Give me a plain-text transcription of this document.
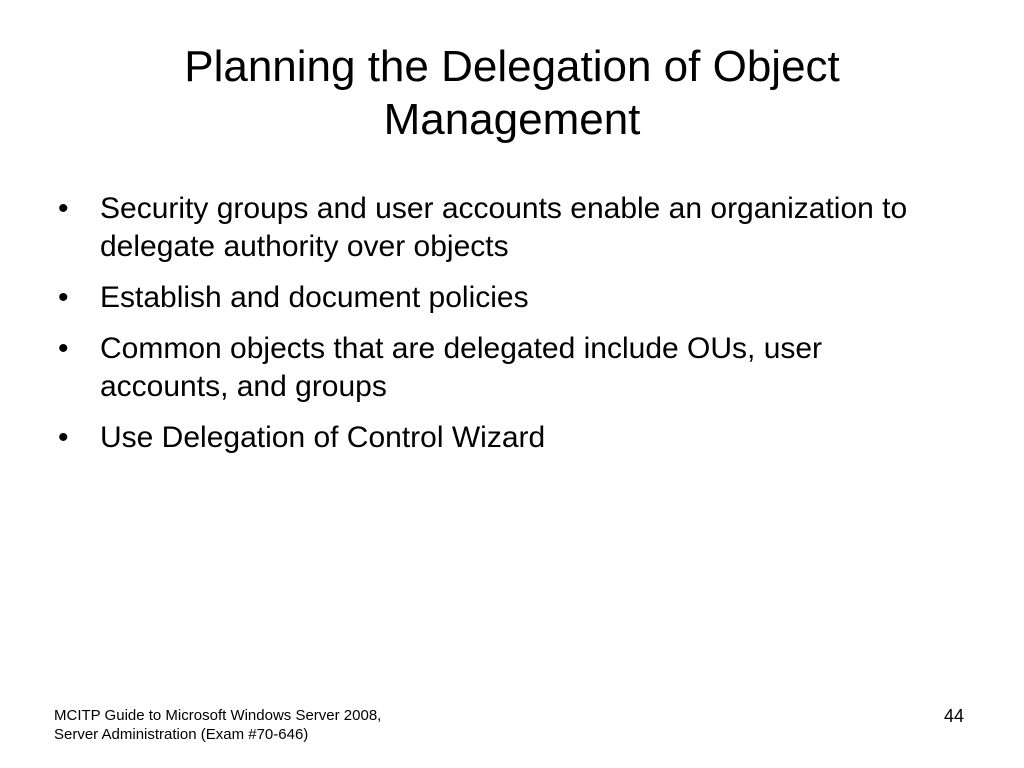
Planning the Delegation of Object
Management
•	Security groups and user accounts enable an organization to delegate authority over objects
•	Establish and document policies
•	Common objects that are delegated include OUs, user accounts, and groups
•	Use Delegation of Control Wizard
MCITP Guide to Microsoft Windows Server 2008,
Server Administration (Exam #70-646)
44
